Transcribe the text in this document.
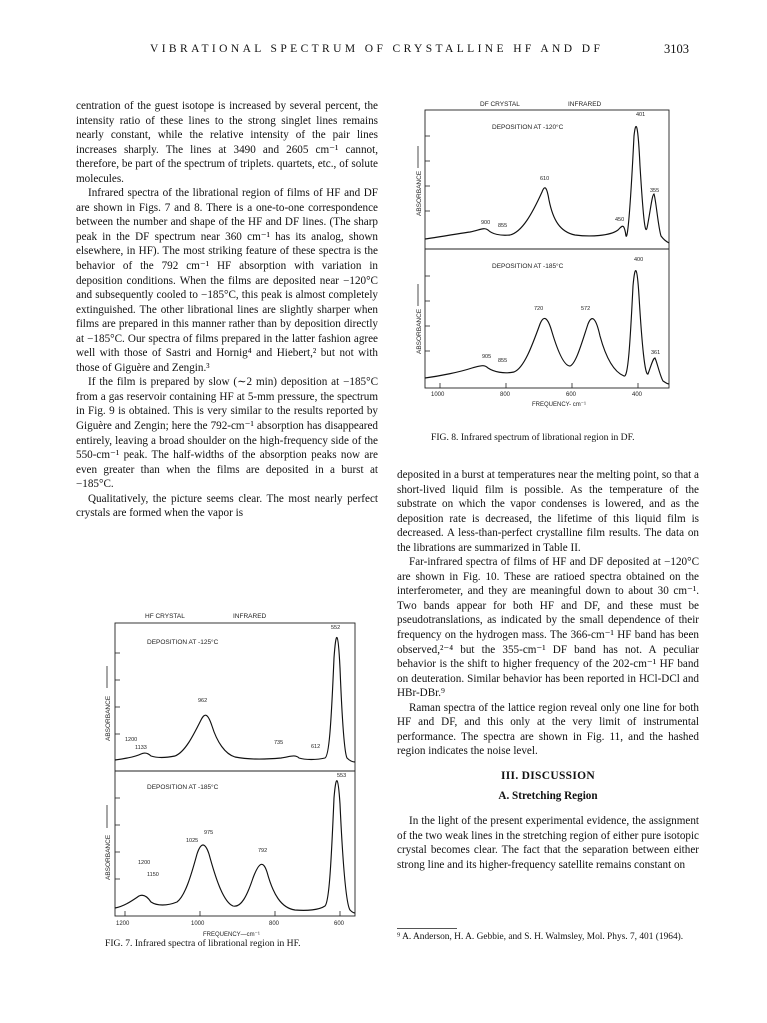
VIBRATIONAL SPECTRUM OF CRYSTALLINE HF AND DF	3103

centration of the guest isotope is increased by several percent, the intensity ratio of these lines to the strong singlet lines remains nearly constant, while the relative intensity of the pair lines increases sharply. The lines at 3490 and 2605 cm⁻¹ cannot, therefore, be part of the spectrum of triplets. quartets, etc., of solute molecules.

Infrared spectra of the librational region of films of HF and DF are shown in Figs. 7 and 8. There is a one-to-one correspondence between the number and shape of the HF and DF lines. (The sharp peak in the DF spectrum near 360 cm⁻¹ has its analog, shown elsewhere, in HF). The most striking feature of these spectra is the behavior of the 792 cm⁻¹ HF absorption with variation in deposition conditions. When the films are deposited near −120°C and subsequently cooled to −185°C, this peak is almost completely extinguished. The other librational lines are slightly sharper when films are prepared in this manner rather than by deposition directly at −185°C. Our spectra of films prepared in the latter fashion agree well with those of Sastri and Hornig⁴ and Hiebert,² but not with those of Giguère and Zengin.³

If the film is prepared by slow (∼2 min) deposition at −185°C from a gas reservoir containing HF at 5-mm pressure, the spectrum in Fig. 9 is obtained. This is very similar to the results reported by Giguère and Zengin; here the 792-cm⁻¹ absorption has disappeared entirely, leaving a broad shoulder on the high-frequency side of the 550-cm⁻¹ peak. The half-widths of the absorption peaks now are even greater than when the films are deposited in a burst at −185°C.

Qualitatively, the picture seems clear. The most nearly perfect crystals are formed when the vapor is

DF CRYSTAL	INFRARED
ABSORBANCE
ABSORBANCE
DEPOSITION AT -120°C
401
355
450
610
900 855
DEPOSITION AT -185°C
400
361
572
720
905
855
1000	800	600	400
FREQUENCY- cm⁻¹
FIG. 8. Infrared spectrum of librational region in DF.

deposited in a burst at temperatures near the melting point, so that a short-lived liquid film is possible. As the temperature of the substrate on which the vapor condenses is lowered, and as the deposition rate is decreased, the lifetime of this liquid film is decreased. A less-than-perfect crystalline film results. The data on the librations are summarized in Table II.

Far-infrared spectra of films of HF and DF deposited at −120°C are shown in Fig. 10. These are ratioed spectra obtained on the interferometer, and they are meaningful down to about 30 cm⁻¹. Two bands appear for both HF and DF, and these must be pseudotranslations, as indicated by the small dependence of their frequency on the hydrogen mass. The 366-cm⁻¹ HF band has been observed,²⁻⁴ but the 355-cm⁻¹ DF band has not. A peculiar behavior is the shift to higher frequency of the 202-cm⁻¹ HF band on deuteration. Similar behavior has been reported in HCl-DCl and HBr-DBr.⁹

Raman spectra of the lattice region reveal only one line for both HF and DF, and this only at the very limit of instrumental performance. The spectra are shown in Fig. 11, and the hashed region indicates the noise level.

III. DISCUSSION

A. Stretching Region

In the light of the present experimental evidence, the assignment of the two weak lines in the stretching region of either pure isotopic crystal becomes clear. The fact that the separation between either strong line and its higher-frequency satellite remains constant on

HF CRYSTAL	INFRARED
ABSORBANCE
ABSORBANCE
DEPOSITION AT -125°C
552
962
735
612
1200
1133
DEPOSITION AT -185°C
553
975
1025
792
1200
1150
1200	1000	800	600
FREQUENCY—cm⁻¹
FIG. 7. Infrared spectra of librational region in HF.
⁹ A. Anderson, H. A. Gebbie, and S. H. Walmsley, Mol. Phys. 7, 401 (1964).
